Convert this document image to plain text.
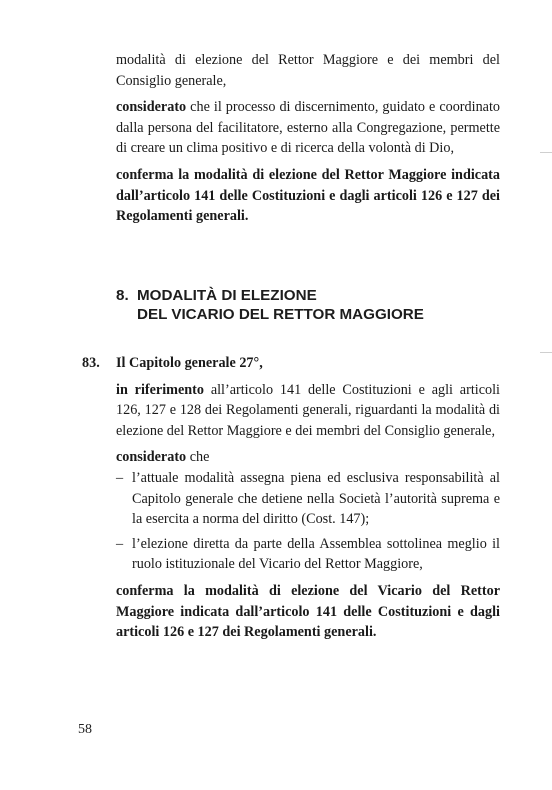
modalità di elezione del Rettor Maggiore e dei membri del Consiglio generale,

considerato che il processo di discernimento, guidato e coordinato dalla persona del facilitatore, esterno alla Congregazione, permette di creare un clima positivo e di ricerca della volontà di Dio,

conferma la modalità di elezione del Rettor Maggiore indicata dall’articolo 141 delle Costituzioni e dagli articoli 126 e 127 dei Regolamenti generali.

8. MODALITÀ DI ELEZIONE
DEL VICARIO DEL RETTOR MAGGIORE
83. Il Capitolo generale 27°,

in riferimento all’articolo 141 delle Costituzioni e agli articoli 126, 127 e 128 dei Regolamenti generali, riguardanti la modalità di elezione del Rettor Maggiore e dei membri del Consiglio generale,

considerato che

– l’attuale modalità assegna piena ed esclusiva responsabilità al Capitolo generale che detiene nella Società l’autorità suprema e la esercita a norma del diritto (Cost. 147);
– l’elezione diretta da parte della Assemblea sottolinea meglio il ruolo istituzionale del Vicario del Rettor Maggiore,

conferma la modalità di elezione del Vicario del Rettor Maggiore indicata dall’articolo 141 delle Costituzioni e dagli articoli 126 e 127 dei Regolamenti generali.

58
